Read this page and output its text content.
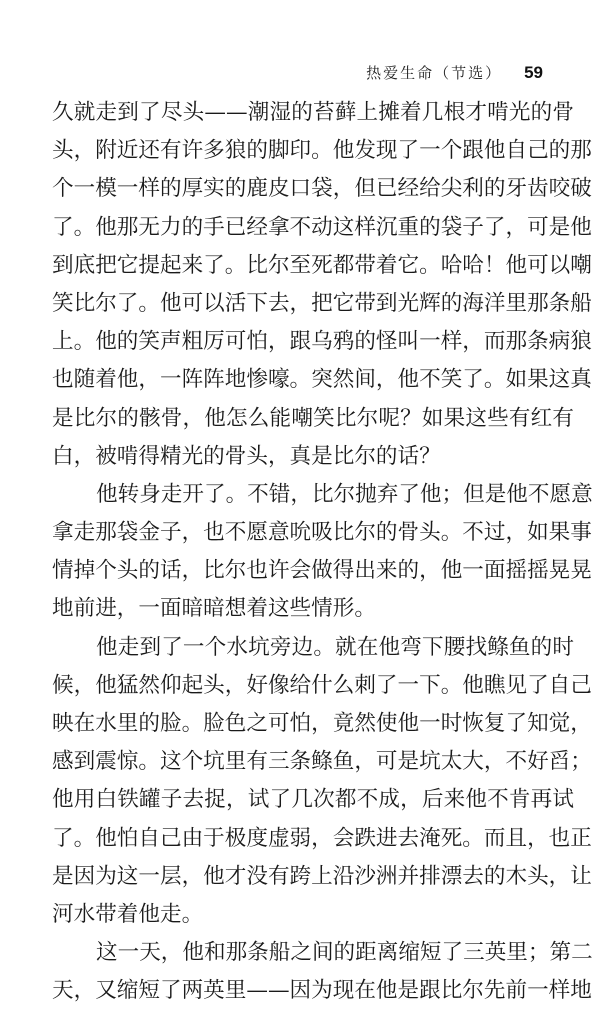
热爱生命（节选） 59
久就走到了尽头——潮湿的苔藓上摊着几根才啃光的骨
头，附近还有许多狼的脚印。他发现了一个跟他自己的那
个一模一样的厚实的鹿皮口袋，但已经给尖利的牙齿咬破
了。他那无力的手已经拿不动这样沉重的袋子了，可是他
到底把它提起来了。比尔至死都带着它。哈哈！他可以嘲
笑比尔了。他可以活下去，把它带到光辉的海洋里那条船
上。他的笑声粗厉可怕，跟乌鸦的怪叫一样，而那条病狼
也随着他，一阵阵地惨嚎。突然间，他不笑了。如果这真
是比尔的骸骨，他怎么能嘲笑比尔呢？如果这些有红有
白，被啃得精光的骨头，真是比尔的话？
他转身走开了。不错，比尔抛弃了他；但是他不愿意
拿走那袋金子，也不愿意吮吸比尔的骨头。不过，如果事
情掉个头的话，比尔也许会做得出来的，他一面摇摇晃晃
地前进，一面暗暗想着这些情形。
他走到了一个水坑旁边。就在他弯下腰找鲦鱼的时
候，他猛然仰起头，好像给什么刺了一下。他瞧见了自己
映在水里的脸。脸色之可怕，竟然使他一时恢复了知觉，
感到震惊。这个坑里有三条鲦鱼，可是坑太大，不好舀；
他用白铁罐子去捉，试了几次都不成，后来他不肯再试
了。他怕自己由于极度虚弱，会跌进去淹死。而且，也正
是因为这一层，他才没有跨上沿沙洲并排漂去的木头，让
河水带着他走。
这一天，他和那条船之间的距离缩短了三英里；第二
天，又缩短了两英里——因为现在他是跟比尔先前一样地
